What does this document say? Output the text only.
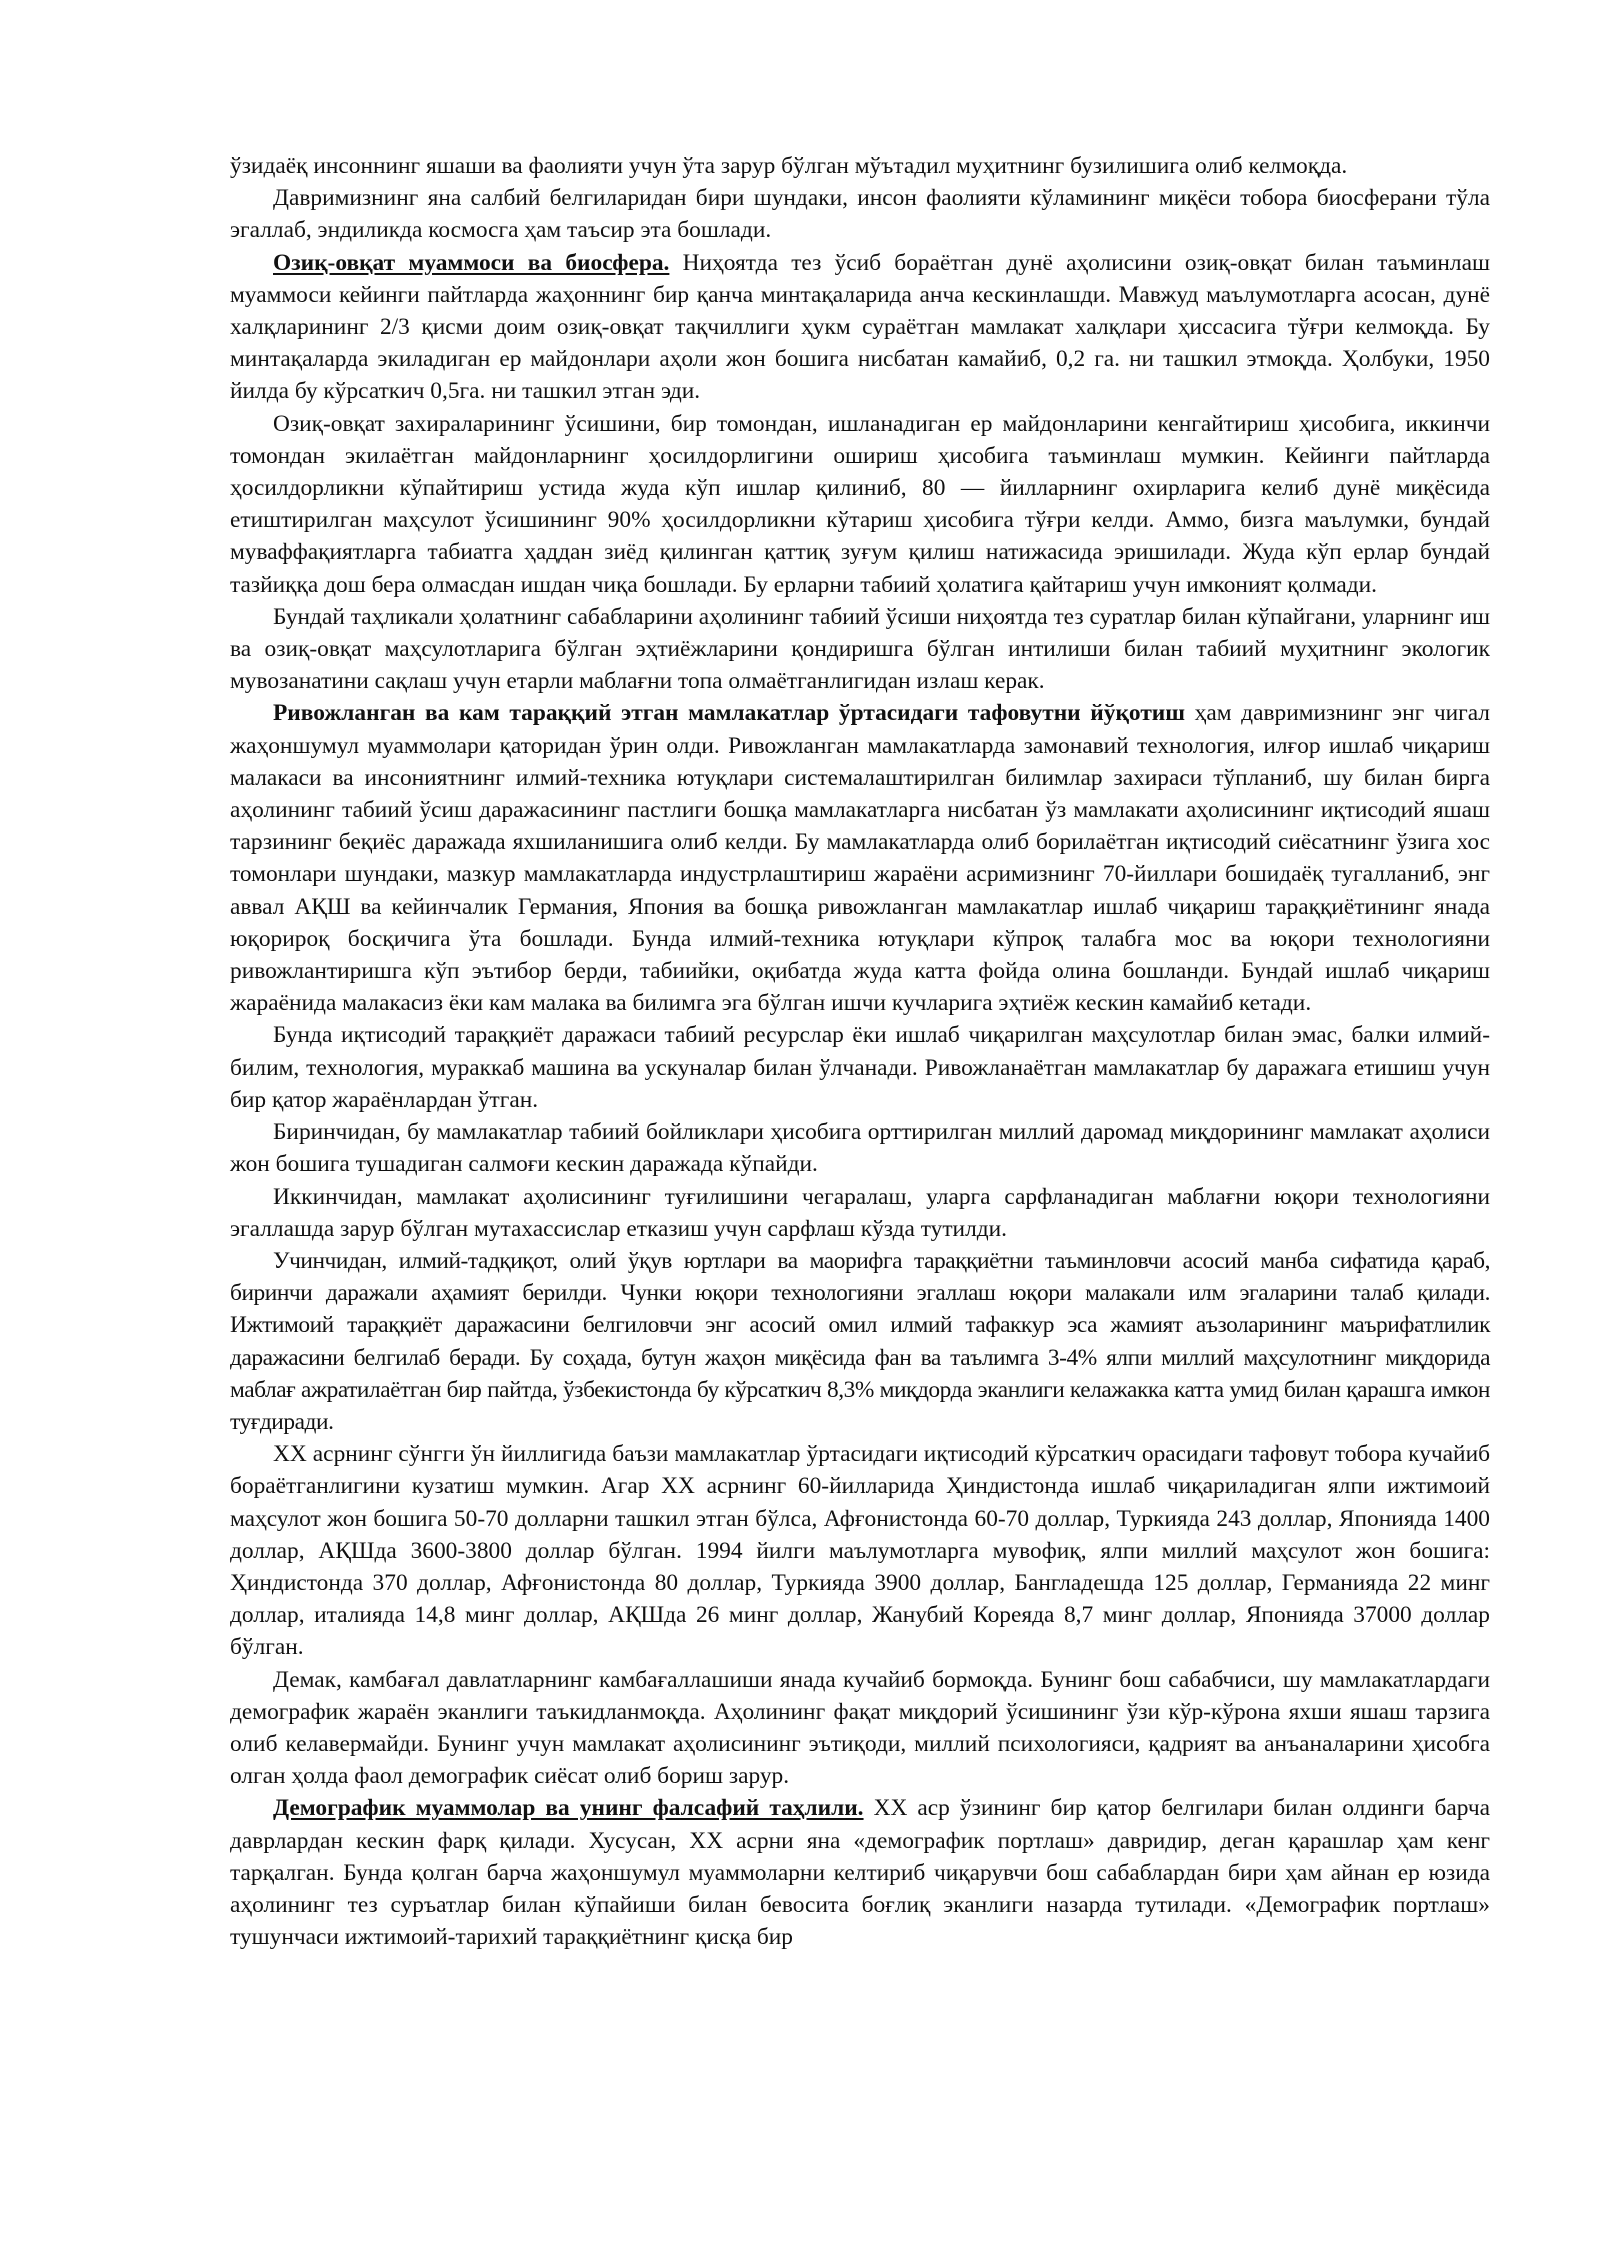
ўзидаёқ инсоннинг яшаши ва фаолияти учун ўта зарур бўлган мўътадил муҳитнинг бузилишига олиб келмоқда.

Давримизнинг яна салбий белгиларидан бири шундаки, инсон фаолияти кўламининг миқёси тобора биосферани тўла эгаллаб, эндиликда космосга ҳам таъсир эта бошлади.

Озиқ-овқат муаммоси ва биосфера. Ниҳоятда тез ўсиб бораётган дунё аҳолисини озиқ-овқат билан таъминлаш муаммоси кейинги пайтларда жаҳоннинг бир қанча минтақаларида анча кескинлашди. Мавжуд маълумотларга асосан, дунё халқларининг 2/3 қисми доим озиқ-овқат тақчиллиги ҳукм сураётган мамлакат халқлари ҳиссасига тўғри келмоқда. Бу минтақаларда экиладиган ер майдонлари аҳоли жон бошига нисбатан камайиб, 0,2 га. ни ташкил этмоқда. Ҳолбуки, 1950 йилда бу кўрсаткич 0,5га. ни ташкил этган эди.

Озиқ-овқат захираларининг ўсишини, бир томондан, ишланадиган ер майдонларини кенгайтириш ҳисобига, иккинчи томондан экилаётган майдонларнинг ҳосилдорлигини ошириш ҳисобига таъминлаш мумкин. Кейинги пайтларда ҳосилдорликни кўпайтириш устида жуда кўп ишлар қилиниб, 80 — йилларнинг охирларига келиб дунё миқёсида етиштирилган маҳсулот ўсишининг 90% ҳосилдорликни кўтариш ҳисобига тўғри келди. Аммо, бизга маълумки, бундай муваффақиятларга табиатга ҳаддан зиёд қилинган қаттиқ зуғум қилиш натижасида эришилади. Жуда кўп ерлар бундай тазйиққа дош бера олмасдан ишдан чиқа бошлади. Бу ерларни табиий ҳолатига қайтариш учун имконият қолмади.

Бундай таҳликали ҳолатнинг сабабларини аҳолининг табиий ўсиши ниҳоятда тез суратлар билан кўпайгани, уларнинг иш ва озиқ-овқат маҳсулотларига бўлган эҳтиёжларини қондиришга бўлган интилиши билан табиий муҳитнинг экологик мувозанатини сақлаш учун етарли маблағни топа олмаётганлигидан излаш керак.

Ривожланган ва кам тараққий этган мамлакатлар ўртасидаги тафовутни йўқотиш ҳам давримизнинг энг чигал жаҳоншумул муаммолари қаторидан ўрин олди. Ривожланган мамлакатларда замонавий технология, илғор ишлаб чиқариш малакаси ва инсониятнинг илмий-техника ютуқлари системалаштирилган билимлар захираси тўпланиб, шу билан бирга аҳолининг табиий ўсиш даражасининг пастлиги бошқа мамлакатларга нисбатан ўз мамлакати аҳолисининг иқтисодий яшаш тарзининг беқиёс даражада яхшиланишига олиб келди. Бу мамлакатларда олиб борилаётган иқтисодий сиёсатнинг ўзига хос томонлари шундаки, мазкур мамлакатларда индустрлаштириш жараёни асримизнинг 70-йиллари бошидаёқ тугалланиб, энг аввал АҚШ ва кейинчалик Германия, Япония ва бошқа ривожланган мамлакатлар ишлаб чиқариш тараққиётининг янада юқорироқ босқичига ўта бошлади. Бунда илмий-техника ютуқлари кўпроқ талабга мос ва юқори технологияни ривожлантиришга кўп эътибор берди, табиийки, оқибатда жуда катта фойда олина бошланди. Бундай ишлаб чиқариш жараёнида малакасиз ёки кам малака ва билимга эга бўлган ишчи кучларига эҳтиёж кескин камайиб кетади.

Бунда иқтисодий тараққиёт даражаси табиий ресурслар ёки ишлаб чиқарилган маҳсулотлар билан эмас, балки илмий-билим, технология, мураккаб машина ва ускуналар билан ўлчанади. Ривожланаётган мамлакатлар бу даражага етишиш учун бир қатор жараёнлардан ўтган.

Биринчидан, бу мамлакатлар табиий бойликлари ҳисобига орттирилган миллий даромад миқдорининг мамлакат аҳолиси жон бошига тушадиган салмоғи кескин даражада кўпайди.

Иккинчидан, мамлакат аҳолисининг туғилишини чегаралаш, уларга сарфланадиган маблағни юқори технологияни эгаллашда зарур бўлган мутахассислар етказиш учун сарфлаш кўзда тутилди.

Учинчидан, илмий-тадқиқот, олий ўқув юртлари ва маорифга тараққиётни таъминловчи асосий манба сифатида қараб, биринчи даражали аҳамият берилди. Чунки юқори технологияни эгаллаш юқори малакали илм эгаларини талаб қилади. Ижтимоий тараққиёт даражасини белгиловчи энг асосий омил илмий тафаккур эса жамият аъзоларининг маърифатлилик даражасини белгилаб беради. Бу соҳада, бутун жаҳон миқёсида фан ва таълимга 3-4% ялпи миллий маҳсулотнинг миқдорида маблағ ажратилаётган бир пайтда, ўзбекистонда бу кўрсаткич 8,3% миқдорда эканлиги келажакка катта умид билан қарашга имкон туғдиради.

XX асрнинг сўнгги ўн йиллигида баъзи мамлакатлар ўртасидаги иқтисодий кўрсаткич орасидаги тафовут тобора кучайиб бораётганлигини кузатиш мумкин. Агар XX асрнинг 60-йилларида Ҳиндистонда ишлаб чиқариладиган ялпи ижтимоий маҳсулот жон бошига 50-70 долларни ташкил этган бўлса, Афғонистонда 60-70 доллар, Туркияда 243 доллар, Японияда 1400 доллар, АҚШда 3600-3800 доллар бўлган. 1994 йилги маълумотларга мувофиқ, ялпи миллий маҳсулот жон бошига: Ҳиндистонда 370 доллар, Афғонистонда 80 доллар, Туркияда 3900 доллар, Бангладешда 125 доллар, Германияда 22 минг доллар, италияда 14,8 минг доллар, АҚШда 26 минг доллар, Жанубий Кореяда 8,7 минг доллар, Японияда 37000 доллар бўлган.

Демак, камбағал давлатларнинг камбағаллашиши янада кучайиб бормоқда. Бунинг бош сабабчиси, шу мамлакатлардаги демографик жараён эканлиги таъкидланмоқда. Аҳолининг фақат миқдорий ўсишининг ўзи кўр-кўрона яхши яшаш тарзига олиб келавермайди. Бунинг учун мамлакат аҳолисининг эътиқоди, миллий психологияси, қадрият ва анъаналарини ҳисобга олган ҳолда фаол демографик сиёсат олиб бориш зарур.

Демографик муаммолар ва унинг фалсафий таҳлили. XX аср ўзининг бир қатор белгилари билан олдинги барча даврлардан кескин фарқ қилади. Хусусан, XX асрни яна «демографик портлаш» давридир, деган қарашлар ҳам кенг тарқалган. Бунда қолган барча жаҳоншумул муаммоларни келтириб чиқарувчи бош сабаблардан бири ҳам айнан ер юзида аҳолининг тез суръатлар билан кўпайиши билан бевосита боғлиқ эканлиги назарда тутилади. «Демографик портлаш» тушунчаси ижтимоий-тарихий тараққиётнинг қисқа бир
